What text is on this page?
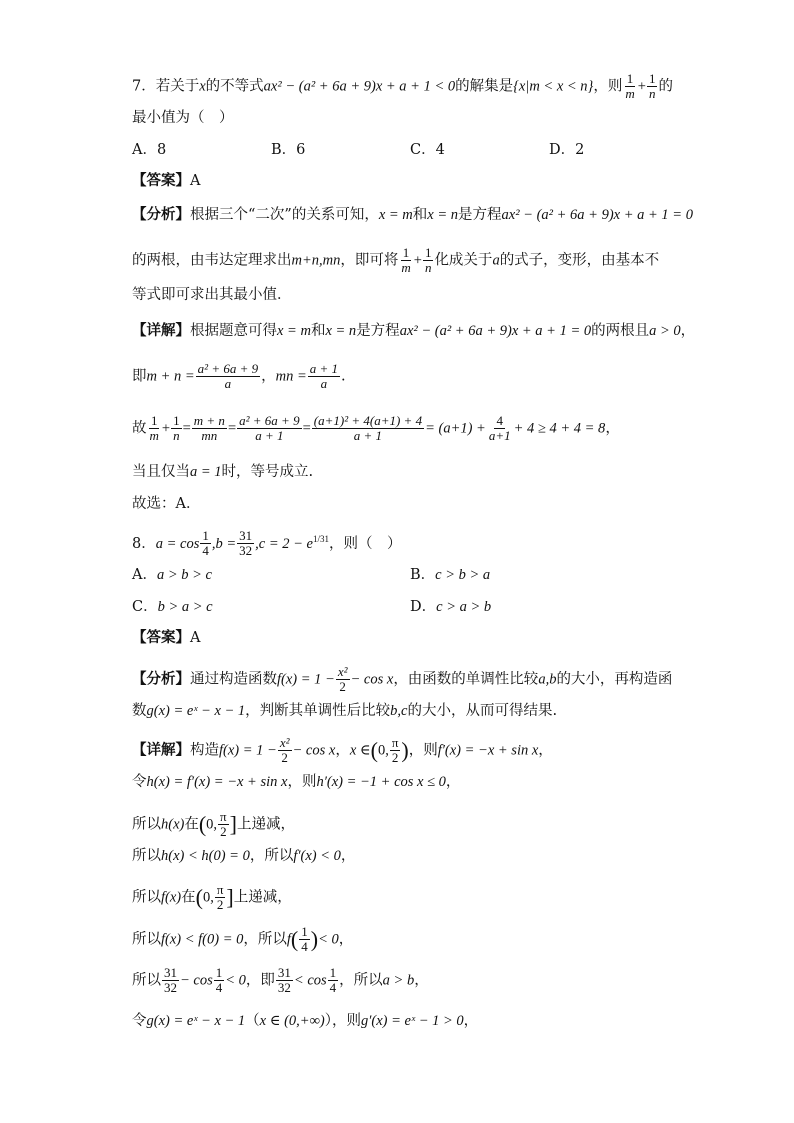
7．若关于x的不等式ax² − (a² + 6a + 9)x + a + 1 < 0的解集是{x|m < x < n}，则 $\frac{1}{m} + \frac{1}{n}$ 的
最小值为（　）
A．8	B．6	C．4	D．2
【答案】A
【分析】根据三个“二次”的关系可知，x = m和x = n是方程ax² − (a² + 6a + 9)x + a + 1 = 0
的两根，由韦达定理求出m+n,mn，即可将 $\frac{1}{m} + \frac{1}{n}$ 化成关于a的式子，变形，由基本不
等式即可求出其最小值．
【详解】根据题意可得x = m和x = n是方程ax² − (a² + 6a + 9)x + a + 1 = 0的两根且a > 0，
即$m + n = \frac{\text{a² + 6a + 9}}{a}$ ，mn = $\frac{a + 1}{a}$ .
故 $\frac{1}{m} + \frac{1}{n} = \frac{m + n}{mn} = \frac{\text{a² + 6a + 9}}{a + 1} = \frac{\text{(a+1)² + 4(a+1) + 4}}{a + 1} = (a+1) + \frac{4}{a+1} + 4 \ge 4 + 4 = 8$，
当且仅当a = 1时，等号成立.
故选：A．
8．$a = \cos \frac{1}{4} ,b = \frac{31}{32} ,c = 2 - e^{1/31}$，则（　）
A．a > b > c	B．c > b > a
C．b > a > c	D．c > a > b
【答案】A
【分析】通过构造函数$f(x) = 1 - \frac{\text{x²}}{2} - \cos x$，由函数的单调性比较a,b的大小，再构造函
数g(x) = eˣ − x − 1，判断其单调性后比较b,c的大小，从而可得结果.
【详解】构造$f(x) = 1 - \frac{\text{x²}}{2} - \cos x$，x ∈(0, $\frac{\pi}{2}$ )，则f′(x) = −x + sin x，
令h(x) = f′(x) = −x + sin x，则h′(x) = −1 + cos x ≤ 0，
所以h(x)在(0, $\frac{\pi}{2}$ ]上递减，
所以h(x) < h(0) = 0，所以f′(x) < 0，
所以f(x)在(0, $\frac{\pi}{2}$ ]上递减，
所以f(x) < f(0) = 0，所以$f( \frac{1}{4}$ )< 0，
所以 $\frac{31}{32} - \cos \frac{1}{4} < 0$，即 $\frac{31}{32} < \cos \frac{1}{4}$ ，所以a > b，
令g(x) = eˣ − x − 1（x ∈ (0,+∞)），则g′(x) = eˣ − 1 > 0，
